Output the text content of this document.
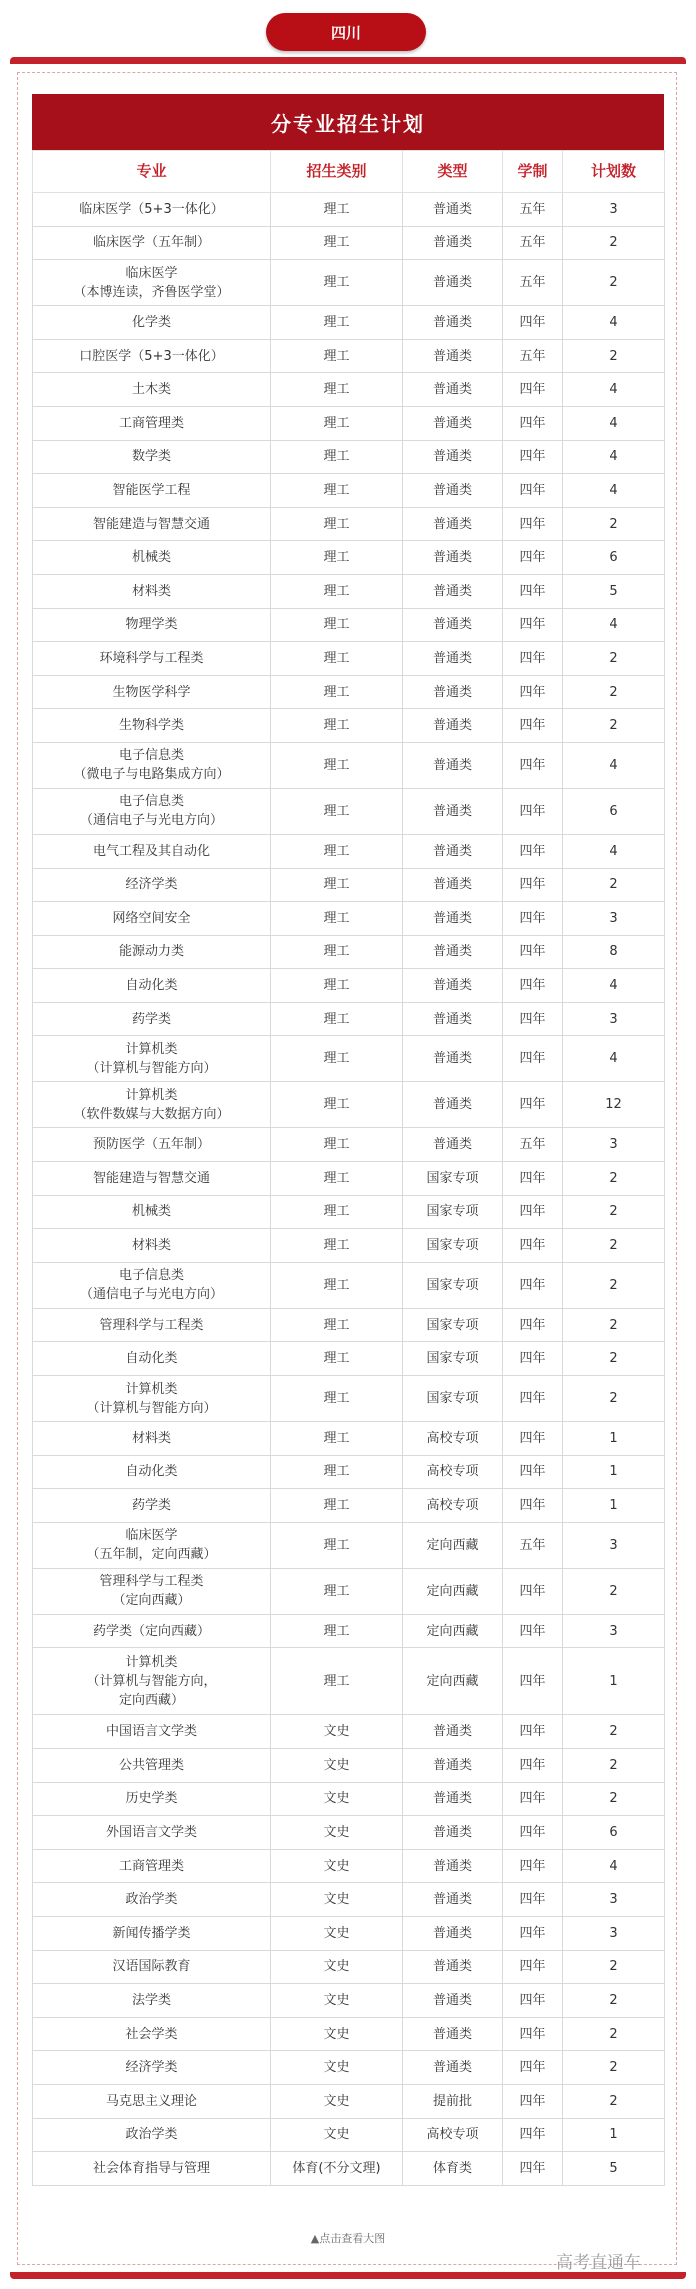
四川
分专业招生计划
专业	招生类别	类型	学制	计划数
临床医学（5+3一体化）	理工	普通类	五年	3
临床医学（五年制）	理工	普通类	五年	2
临床医学
（本博连读，齐鲁医学堂）	理工	普通类	五年	2
化学类	理工	普通类	四年	4
口腔医学（5+3一体化）	理工	普通类	五年	2
土木类	理工	普通类	四年	4
工商管理类	理工	普通类	四年	4
数学类	理工	普通类	四年	4
智能医学工程	理工	普通类	四年	4
智能建造与智慧交通	理工	普通类	四年	2
机械类	理工	普通类	四年	6
材料类	理工	普通类	四年	5
物理学类	理工	普通类	四年	4
环境科学与工程类	理工	普通类	四年	2
生物医学科学	理工	普通类	四年	2
生物科学类	理工	普通类	四年	2
电子信息类
（微电子与电路集成方向）	理工	普通类	四年	4
电子信息类
（通信电子与光电方向）	理工	普通类	四年	6
电气工程及其自动化	理工	普通类	四年	4
经济学类	理工	普通类	四年	2
网络空间安全	理工	普通类	四年	3
能源动力类	理工	普通类	四年	8
自动化类	理工	普通类	四年	4
药学类	理工	普通类	四年	3
计算机类
（计算机与智能方向）	理工	普通类	四年	4
计算机类
（软件数媒与大数据方向）	理工	普通类	四年	12
预防医学（五年制）	理工	普通类	五年	3
智能建造与智慧交通	理工	国家专项	四年	2
机械类	理工	国家专项	四年	2
材料类	理工	国家专项	四年	2
电子信息类
（通信电子与光电方向）	理工	国家专项	四年	2
管理科学与工程类	理工	国家专项	四年	2
自动化类	理工	国家专项	四年	2
计算机类
（计算机与智能方向）	理工	国家专项	四年	2
材料类	理工	高校专项	四年	1
自动化类	理工	高校专项	四年	1
药学类	理工	高校专项	四年	1
临床医学
（五年制，定向西藏）	理工	定向西藏	五年	3
管理科学与工程类
（定向西藏）	理工	定向西藏	四年	2
药学类（定向西藏）	理工	定向西藏	四年	3
计算机类
（计算机与智能方向，
定向西藏）	理工	定向西藏	四年	1
中国语言文学类	文史	普通类	四年	2
公共管理类	文史	普通类	四年	2
历史学类	文史	普通类	四年	2
外国语言文学类	文史	普通类	四年	6
工商管理类	文史	普通类	四年	4
政治学类	文史	普通类	四年	3
新闻传播学类	文史	普通类	四年	3
汉语国际教育	文史	普通类	四年	2
法学类	文史	普通类	四年	2
社会学类	文史	普通类	四年	2
经济学类	文史	普通类	四年	2
马克思主义理论	文史	提前批	四年	2
政治学类	文史	高校专项	四年	1
社会体育指导与管理	体育(不分文理)	体育类	四年	5
▲点击查看大图
高考直通车
